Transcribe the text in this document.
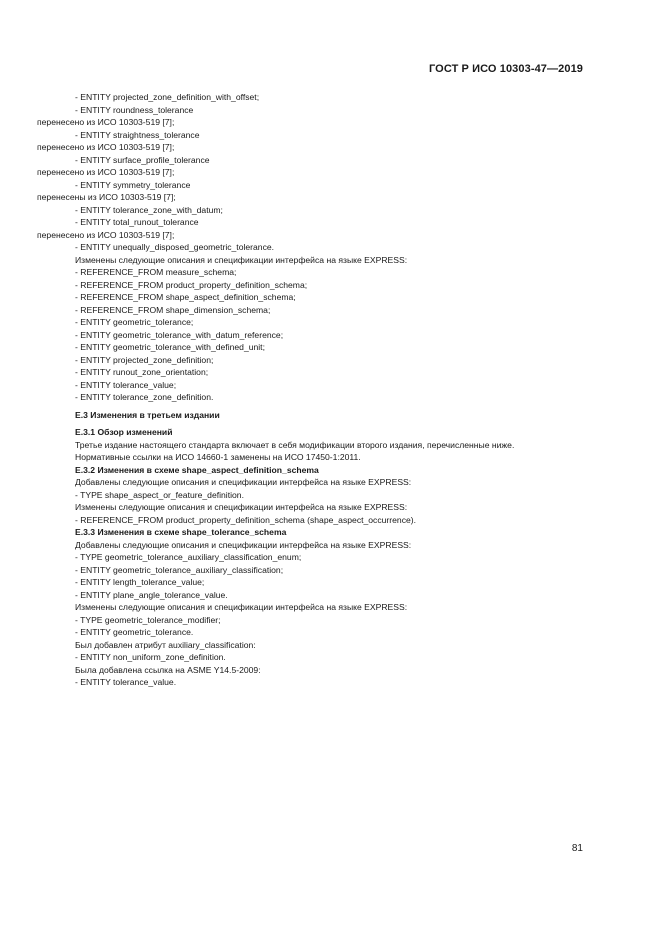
ГОСТ Р ИСО 10303-47—2019
- ENTITY projected_zone_definition_with_offset;
- ENTITY roundness_tolerance
перенесено из ИСО 10303-519 [7];
- ENTITY straightness_tolerance
перенесено из ИСО 10303-519 [7];
- ENTITY surface_profile_tolerance
перенесено из ИСО 10303-519 [7];
- ENTITY symmetry_tolerance
перенесены из ИСО 10303-519 [7];
- ENTITY tolerance_zone_with_datum;
- ENTITY total_runout_tolerance
перенесено из ИСО 10303-519 [7];
- ENTITY unequally_disposed_geometric_tolerance.
Изменены следующие описания и спецификации интерфейса на языке EXPRESS:
- REFERENCE_FROM measure_schema;
- REFERENCE_FROM product_property_definition_schema;
- REFERENCE_FROM shape_aspect_definition_schema;
- REFERENCE_FROM shape_dimension_schema;
- ENTITY geometric_tolerance;
- ENTITY geometric_tolerance_with_datum_reference;
- ENTITY geometric_tolerance_with_defined_unit;
- ENTITY projected_zone_definition;
- ENTITY runout_zone_orientation;
- ENTITY tolerance_value;
- ENTITY tolerance_zone_definition.
Е.3 Изменения в третьем издании
Е.3.1 Обзор изменений
Третье издание настоящего стандарта включает в себя модификации второго издания, перечисленные ниже.
Нормативные ссылки на ИСО 14660-1 заменены на ИСО 17450-1:2011.
Е.3.2 Изменения в схеме shape_aspect_definition_schema
Добавлены следующие описания и спецификации интерфейса на языке EXPRESS:
- TYPE shape_aspect_or_feature_definition.
Изменены следующие описания и спецификации интерфейса на языке EXPRESS:
- REFERENCE_FROM product_property_definition_schema (shape_aspect_occurrence).
Е.3.3 Изменения в схеме shape_tolerance_schema
Добавлены следующие описания и спецификации интерфейса на языке EXPRESS:
- TYPE geometric_tolerance_auxiliary_classification_enum;
- ENTITY geometric_tolerance_auxiliary_classification;
- ENTITY length_tolerance_value;
- ENTITY plane_angle_tolerance_value.
Изменены следующие описания и спецификации интерфейса на языке EXPRESS:
- TYPE geometric_tolerance_modifier;
- ENTITY geometric_tolerance.
Был добавлен атрибут auxiliary_classification:
- ENTITY non_uniform_zone_definition.
Была добавлена ссылка на ASME Y14.5-2009:
- ENTITY tolerance_value.
81
